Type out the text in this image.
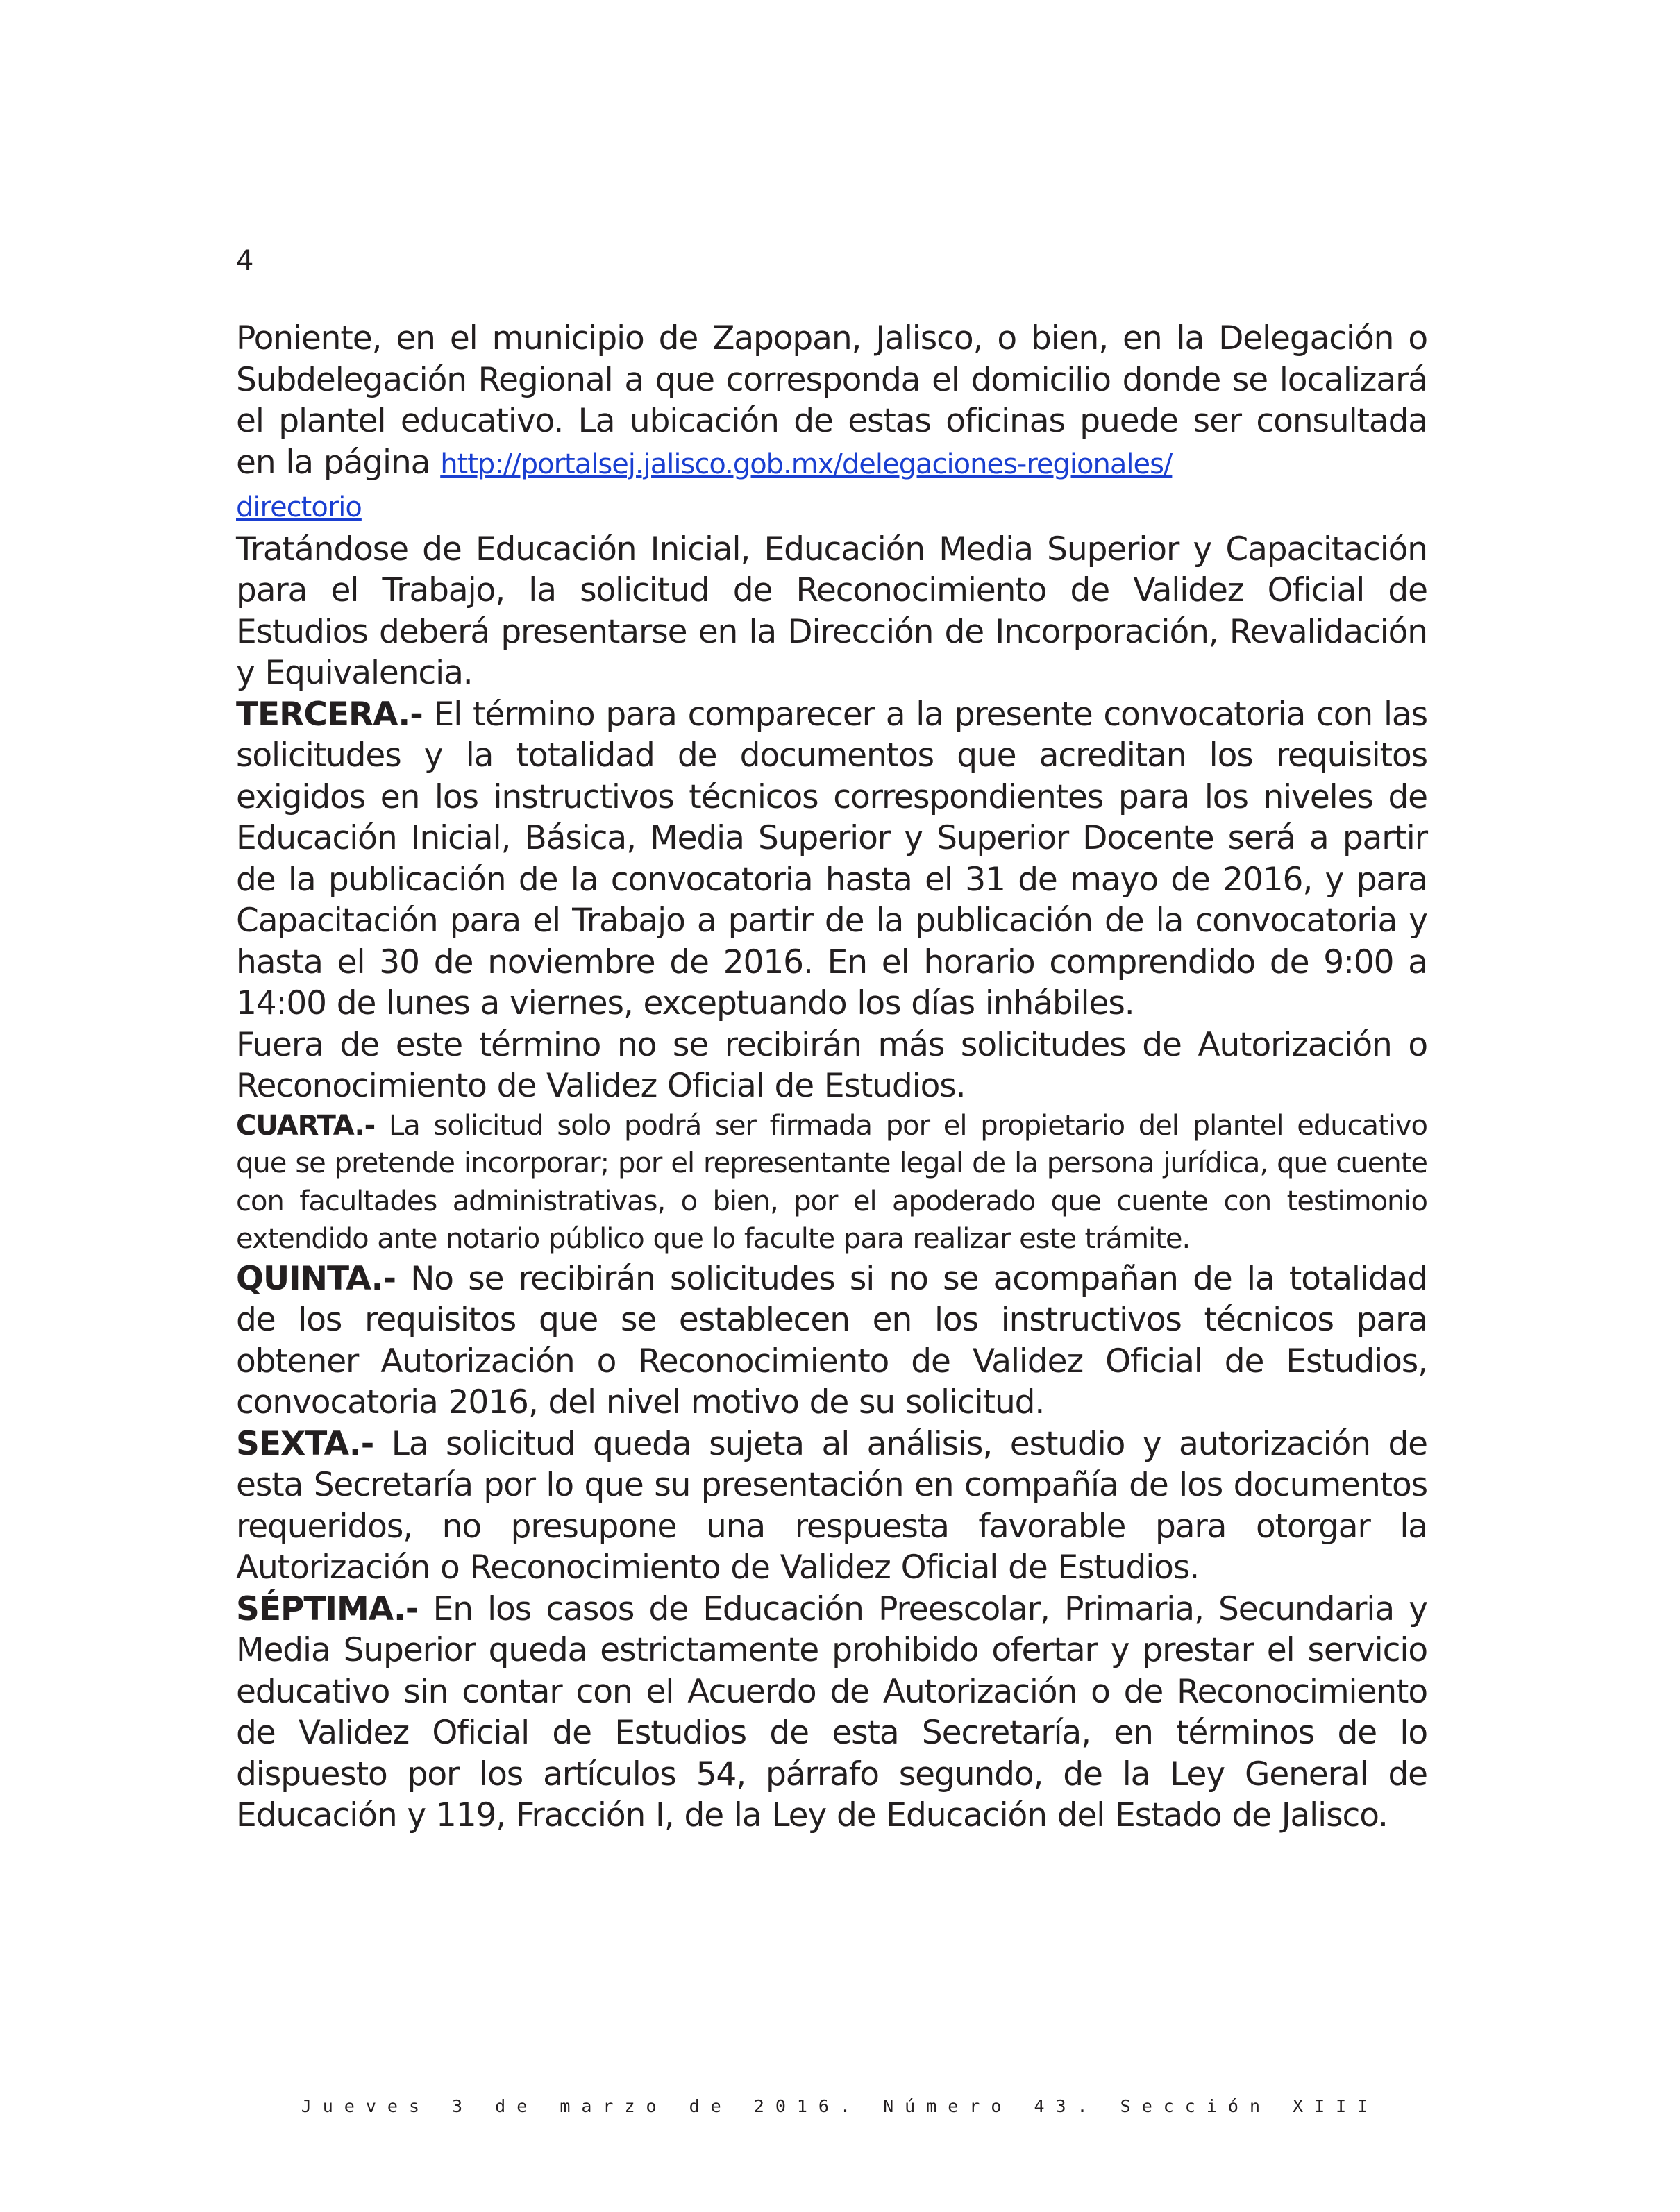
4

Poniente, en el municipio de Zapopan, Jalisco, o bien, en la Delegación o Subdelegación Regional a que corresponda el domicilio donde se localizará el plantel educativo. La ubicación de estas oficinas puede ser consultada en la página http://portalsej.jalisco.gob.mx/delegaciones-regionales/
directorio

Tratándose de Educación Inicial, Educación Media Superior y Capacitación para el Trabajo, la solicitud de Reconocimiento de Validez Oficial de Estudios deberá presentarse en la Dirección de Incorporación, Revalidación y Equivalencia.

TERCERA.- El término para comparecer a la presente convocatoria con las solicitudes y la totalidad de documentos que acreditan los requisitos exigidos en los instructivos técnicos correspondientes para los niveles de Educación Inicial, Básica, Media Superior y Superior Docente será a partir de la publicación de la convocatoria hasta el 31 de mayo de 2016, y para Capacitación para el Trabajo a partir de la publicación de la convocatoria y hasta el 30 de noviembre de 2016. En el horario comprendido de 9:00 a 14:00 de lunes a viernes, exceptuando los días inhábiles.

Fuera de este término no se recibirán más solicitudes de Autorización o Reconocimiento de Validez Oficial de Estudios.

CUARTA.- La solicitud solo podrá ser firmada por el propietario del plantel educativo que se pretende incorporar; por el representante legal de la persona jurídica, que cuente con facultades administrativas, o bien, por el apoderado que cuente con testimonio extendido ante notario público que lo faculte para realizar este trámite.

QUINTA.- No se recibirán solicitudes si no se acompañan de la totalidad de los requisitos que se establecen en los instructivos técnicos para obtener Autorización o Reconocimiento de Validez Oficial de Estudios, convocatoria 2016, del nivel motivo de su solicitud.

SEXTA.- La solicitud queda sujeta al análisis, estudio y autorización de esta Secretaría por lo que su presentación en compañía de los documentos requeridos, no presupone una respuesta favorable para otorgar la Autorización o Reconocimiento de Validez Oficial de Estudios.

SÉPTIMA.- En los casos de Educación Preescolar, Primaria, Secundaria y Media Superior queda estrictamente prohibido ofertar y prestar el servicio educativo sin contar con el Acuerdo de Autorización o de Reconocimiento de Validez Oficial de Estudios de esta Secretaría, en términos de lo dispuesto por los artículos 54, párrafo segundo, de la Ley General de Educación y 119, Fracción I, de la Ley de Educación del Estado de Jalisco.

Jueves 3 de marzo de 2016. Número 43. Sección XIII
